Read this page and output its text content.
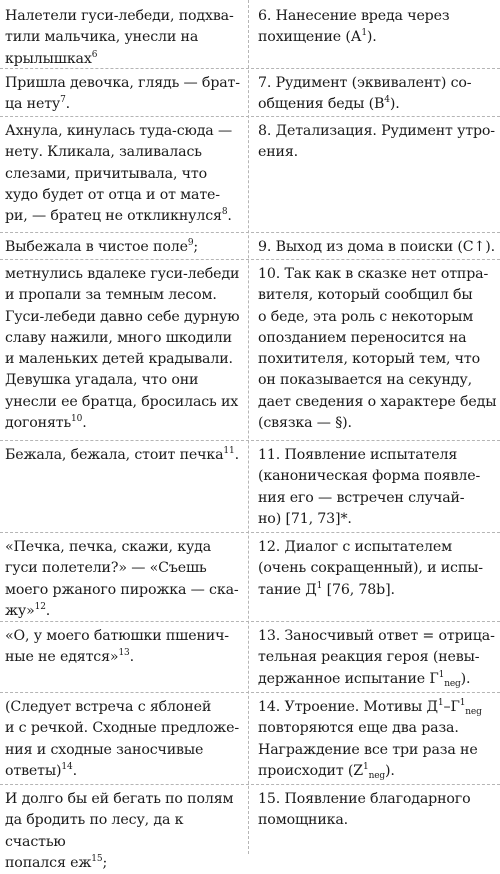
Налетели гуси-лебеди, подхва-
тили мальчика, унесли на
крылышках$^6$
6. Нанесение вреда через
похищение $(А^1)$.
Пришла девочка, глядь — брат-
ца нету$^7$.
7. Рудимент (эквивалент) со-
общения беды $(В^4)$.
Ахнула, кинулась туда-сюда —
нету. Кликала, заливалась
слезами, причитывала, что
худо будет от отца и от мате-
ри, — братец не откликнулся$^8$.
8. Детализация. Рудимент утро-
ения.
Выбежала в чистое поле$^9$;	9. Выход из дома в поиски (С↑).
метнулись вдалеке гуси-лебеди
и пропали за темным лесом.
Гуси-лебеди давно себе дурную
славу нажили, много шкодили
и маленьких детей крадывали.
Девушка угадала, что они
унесли ее братца, бросилась их
догонять$^{10}$.
10. Так как в сказке нет отпра-
вителя, который сообщил бы
о беде, эта роль с некоторым
опозданием переносится на
похитителя, который тем, что
он показывается на секунду,
дает сведения о характере беды
(связка — §).
Бежала, бежала, стоит печка$^{11}$.	11. Появление испытателя
(каноническая форма появле-
ния его — встречен случай-
но) [71, 73]*.
«Печка, печка, скажи, куда
гуси полетели?» — «Съешь
моего ржаного пирожка — ска-
жу»$^{12}$.
12. Диалог с испытателем
(очень сокращенный), и испы-
тание $Д^1$ [76, 78b].
«О, у моего батюшки пшенич-
ные не едятся»$^{13}$.
13. Заносчивый ответ = отрица-
тельная реакция героя (невы-
держанное испытание $Г^1_{neg}$).
(Следует встреча с яблоней
и с речкой. Сходные предложе-
ния и сходные заносчивые
ответы)$^{14}$.
14. Утроение. Мотивы $Д^1-Г^1_{neg}$
повторяются еще два раза.
Награждение все три раза не
происходит $(Z^1_{neg})$.
И долго бы ей бегать по полям
да бродить по лесу, да к счастью
попался $еж^{15}$;
15. Появление благодарного
помощника.
